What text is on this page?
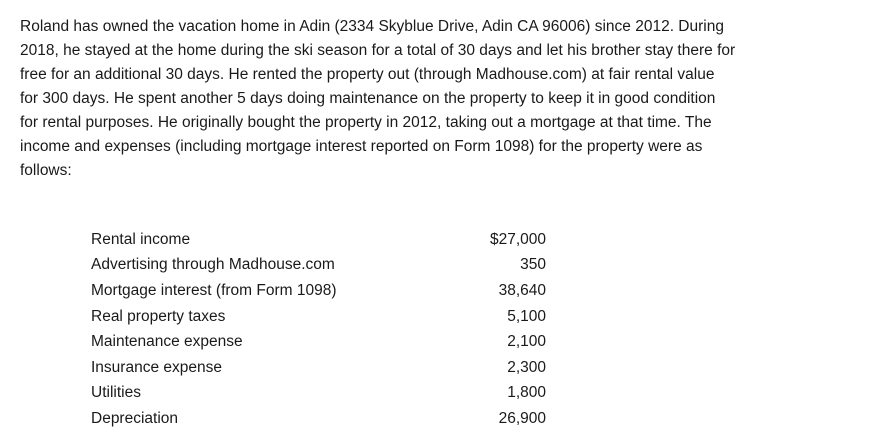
Roland has owned the vacation home in Adin (2334 Skyblue Drive, Adin CA 96006) since 2012. During
2018, he stayed at the home during the ski season for a total of 30 days and let his brother stay there for
free for an additional 30 days. He rented the property out (through Madhouse.com) at fair rental value
for 300 days. He spent another 5 days doing maintenance on the property to keep it in good condition
for rental purposes. He originally bought the property in 2012, taking out a mortgage at that time. The
income and expenses (including mortgage interest reported on Form 1098) for the property were as
follows:
Rental income	$27,000
Advertising through Madhouse.com	350
Mortgage interest (from Form 1098)	38,640
Real property taxes	5,100
Maintenance expense	2,100
Insurance expense	2,300
Utilities	1,800
Depreciation	26,900
